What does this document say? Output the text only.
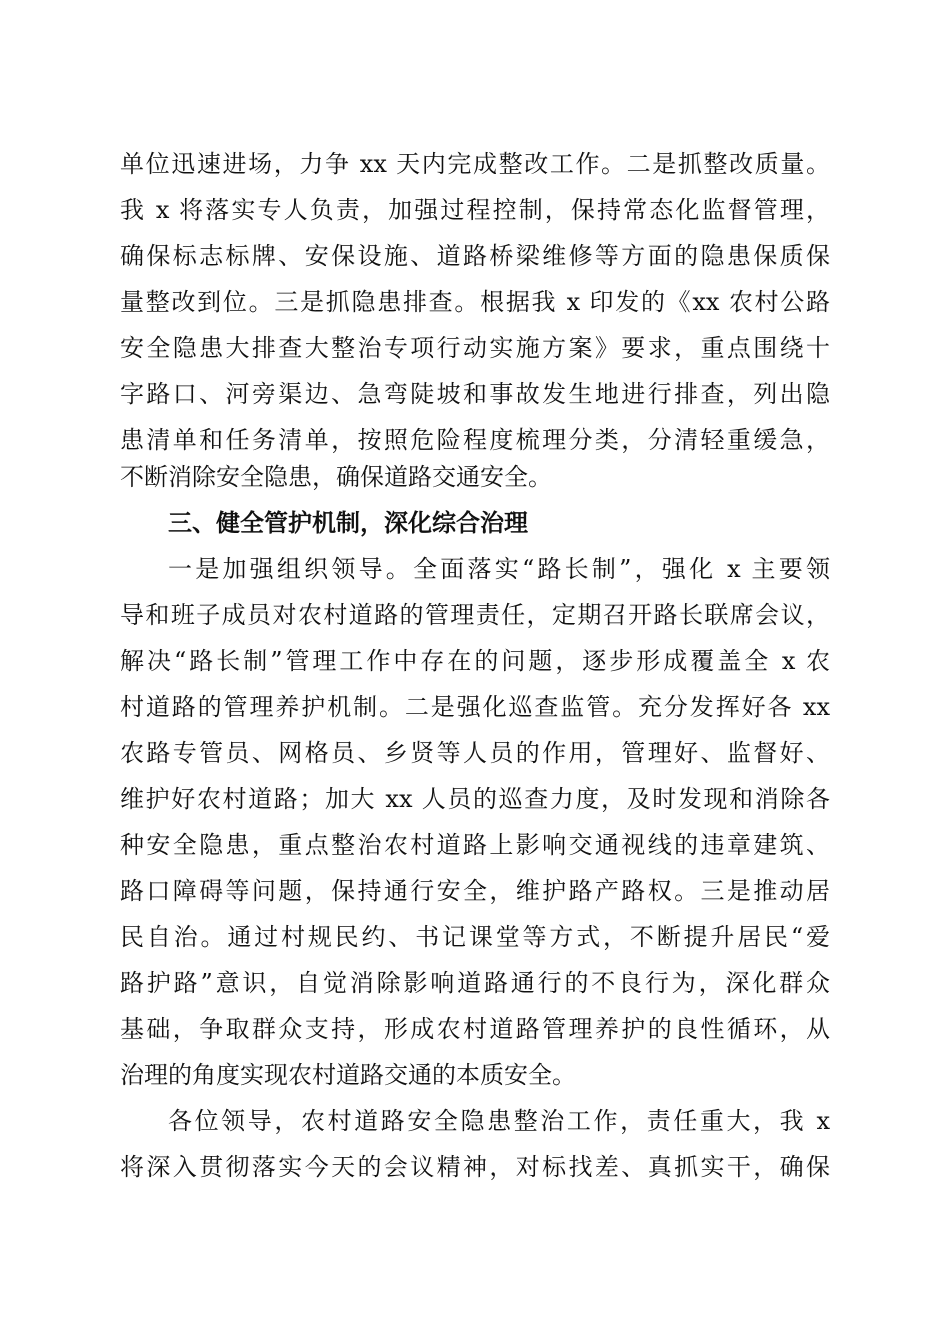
单位迅速进场，力争 xx 天内完成整改工作。二是抓整改质量。
我 x 将落实专人负责，加强过程控制，保持常态化监督管理，
确保标志标牌、安保设施、道路桥梁维修等方面的隐患保质保
量整改到位。三是抓隐患排查。根据我 x 印发的《xx 农村公路
安全隐患大排查大整治专项行动实施方案》要求，重点围绕十
字路口、河旁渠边、急弯陡坡和事故发生地进行排查，列出隐
患清单和任务清单，按照危险程度梳理分类，分清轻重缓急，
不断消除安全隐患，确保道路交通安全。
三、健全管护机制，深化综合治理
一是加强组织领导。全面落实“路长制”，强化 x 主要领
导和班子成员对农村道路的管理责任，定期召开路长联席会议，
解决“路长制”管理工作中存在的问题，逐步形成覆盖全 x 农
村道路的管理养护机制。二是强化巡查监管。充分发挥好各 xx
农路专管员、网格员、乡贤等人员的作用，管理好、监督好、
维护好农村道路；加大 xx 人员的巡查力度，及时发现和消除各
种安全隐患，重点整治农村道路上影响交通视线的违章建筑、
路口障碍等问题，保持通行安全，维护路产路权。三是推动居
民自治。通过村规民约、书记课堂等方式，不断提升居民“爱
路护路”意识，自觉消除影响道路通行的不良行为，深化群众
基础，争取群众支持，形成农村道路管理养护的良性循环，从
治理的角度实现农村道路交通的本质安全。
各位领导，农村道路安全隐患整治工作，责任重大，我 x
将深入贯彻落实今天的会议精神，对标找差、真抓实干，确保
